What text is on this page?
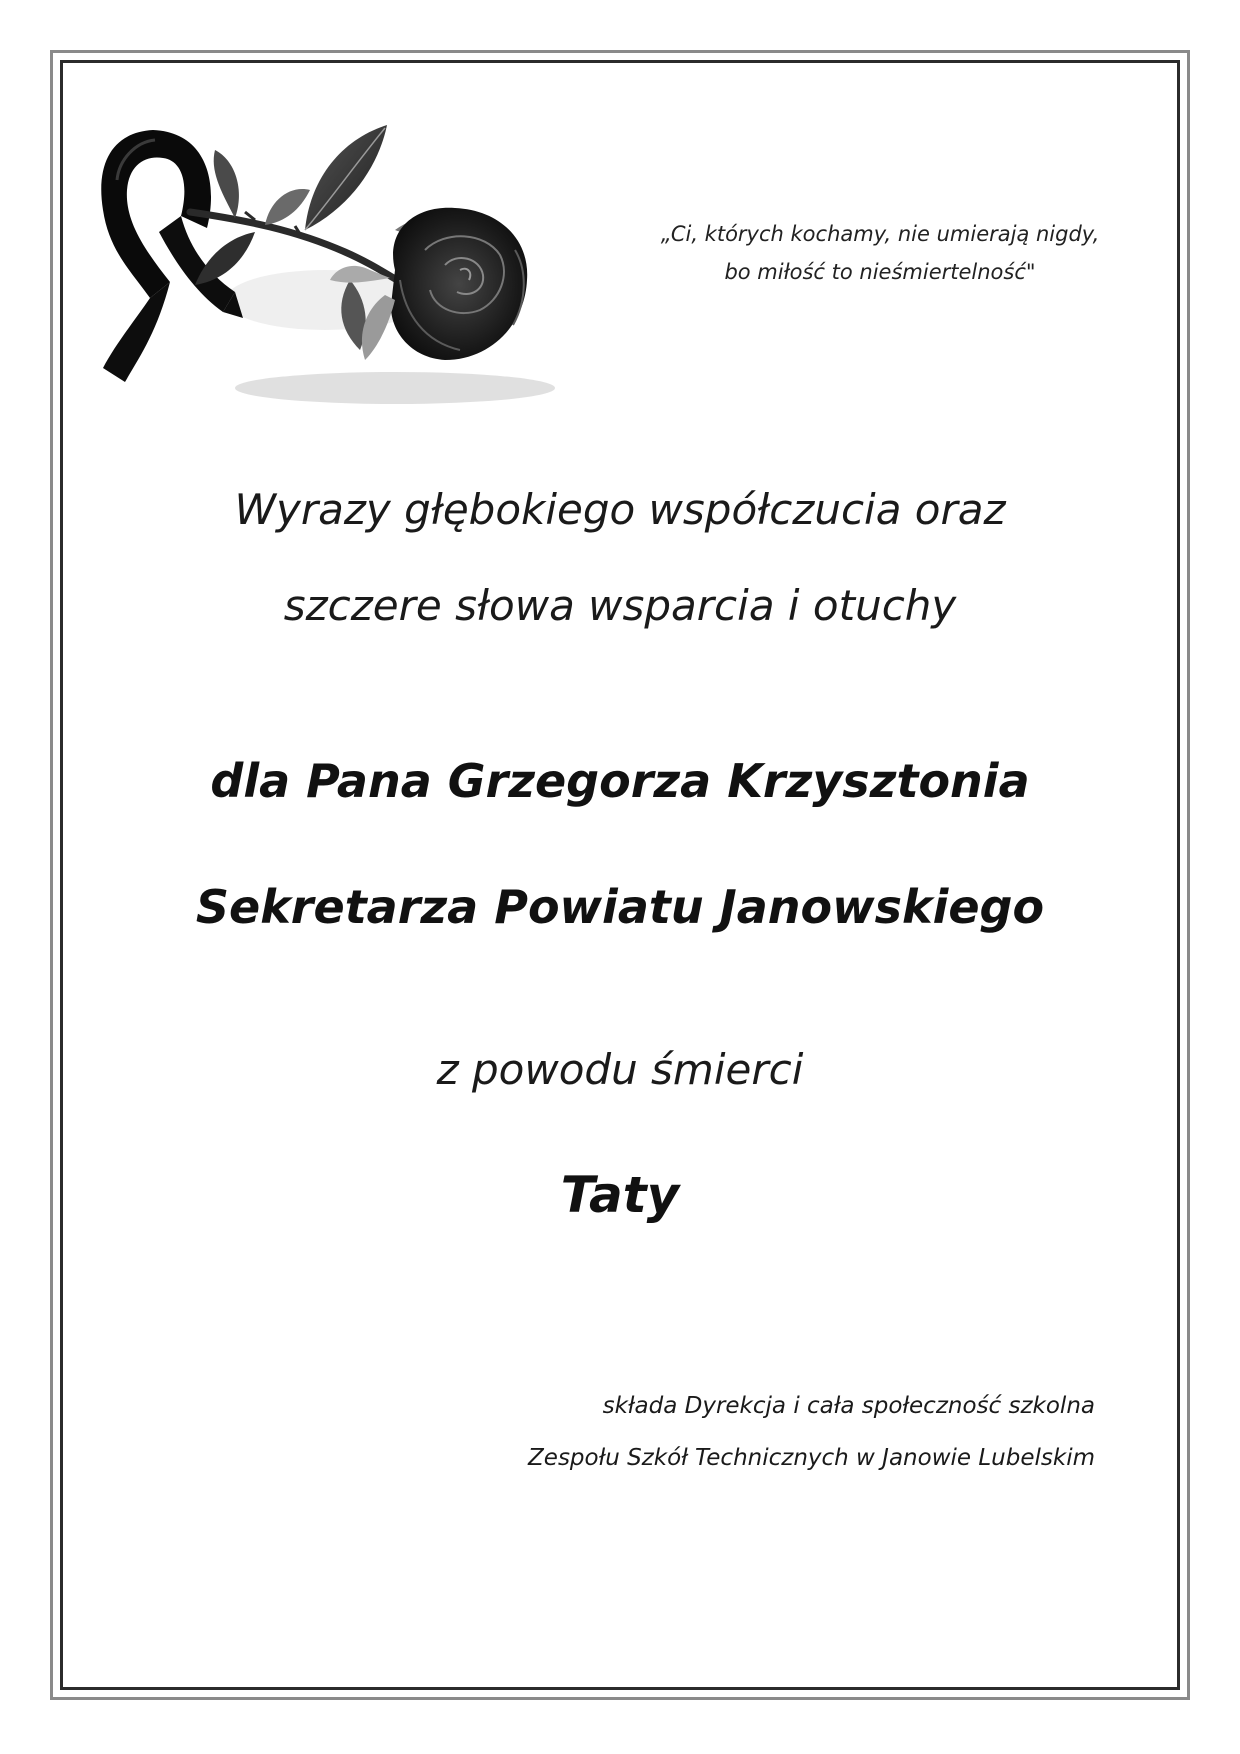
„Ci, których kochamy, nie umierają nigdy,
bo miłość to nieśmiertelność"
Wyrazy głębokiego współczucia oraz
szczere słowa wsparcia i otuchy
dla Pana Grzegorza Krzysztonia
Sekretarza Powiatu Janowskiego
z powodu śmierci
Taty
składa Dyrekcja i cała społeczność szkolna
Zespołu Szkół Technicznych w Janowie Lubelskim
